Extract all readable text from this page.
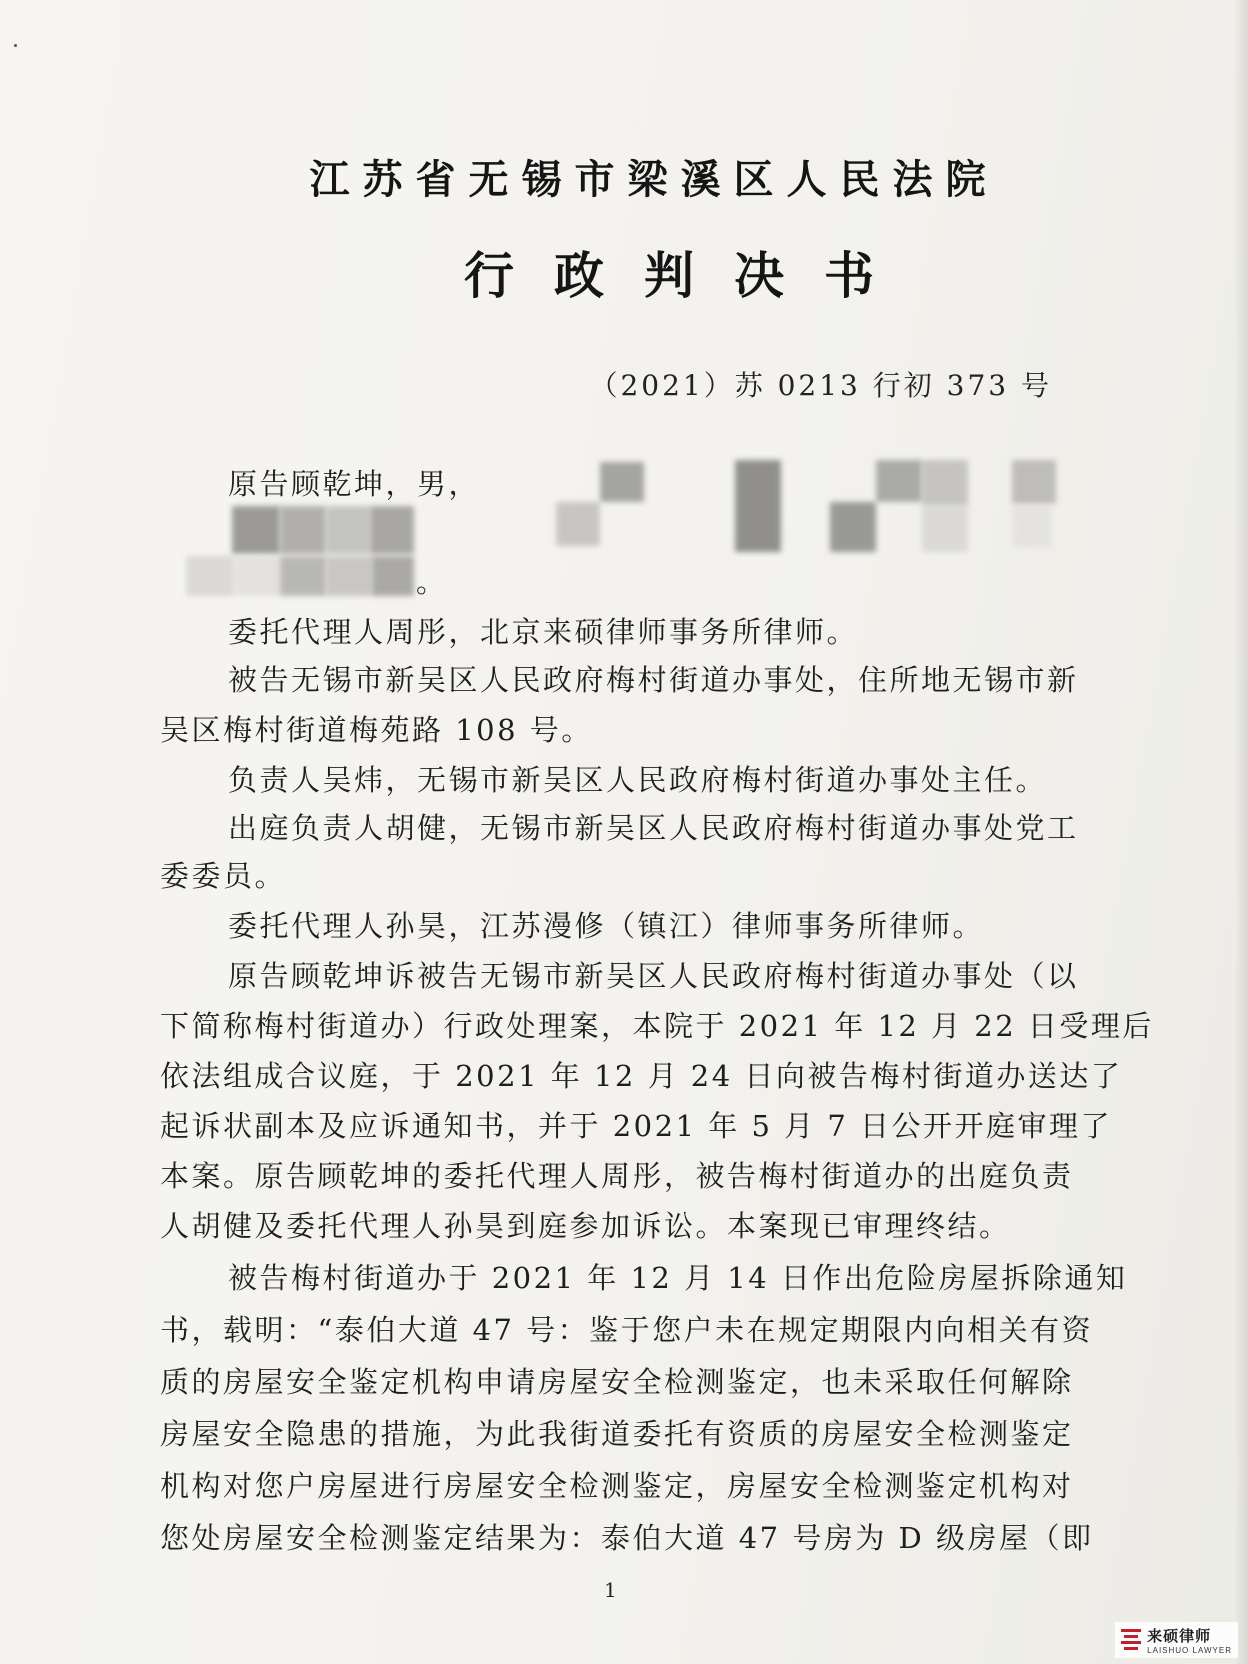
江苏省无锡市梁溪区人民法院
行政判决书
（2021）苏 0213 行初 373 号
原告顾乾坤，男，
。
委托代理人周彤，北京来硕律师事务所律师。
被告无锡市新吴区人民政府梅村街道办事处，住所地无锡市新
吴区梅村街道梅苑路 108 号。
负责人吴炜，无锡市新吴区人民政府梅村街道办事处主任。
出庭负责人胡健，无锡市新吴区人民政府梅村街道办事处党工
委委员。
委托代理人孙昊，江苏漫修（镇江）律师事务所律师。
原告顾乾坤诉被告无锡市新吴区人民政府梅村街道办事处（以
下简称梅村街道办）行政处理案，本院于 2021 年 12 月 22 日受理后
依法组成合议庭，于 2021 年 12 月 24 日向被告梅村街道办送达了
起诉状副本及应诉通知书，并于 2021 年 5 月 7 日公开开庭审理了
本案。原告顾乾坤的委托代理人周彤，被告梅村街道办的出庭负责
人胡健及委托代理人孙昊到庭参加诉讼。本案现已审理终结。
被告梅村街道办于 2021 年 12 月 14 日作出危险房屋拆除通知
书，载明：“泰伯大道 47 号：鉴于您户未在规定期限内向相关有资
质的房屋安全鉴定机构申请房屋安全检测鉴定，也未采取任何解除
房屋安全隐患的措施，为此我街道委托有资质的房屋安全检测鉴定
机构对您户房屋进行房屋安全检测鉴定，房屋安全检测鉴定机构对
您处房屋安全检测鉴定结果为：泰伯大道 47 号房为 D 级房屋（即
1
来硕律师
LAISHUO LAWYER
